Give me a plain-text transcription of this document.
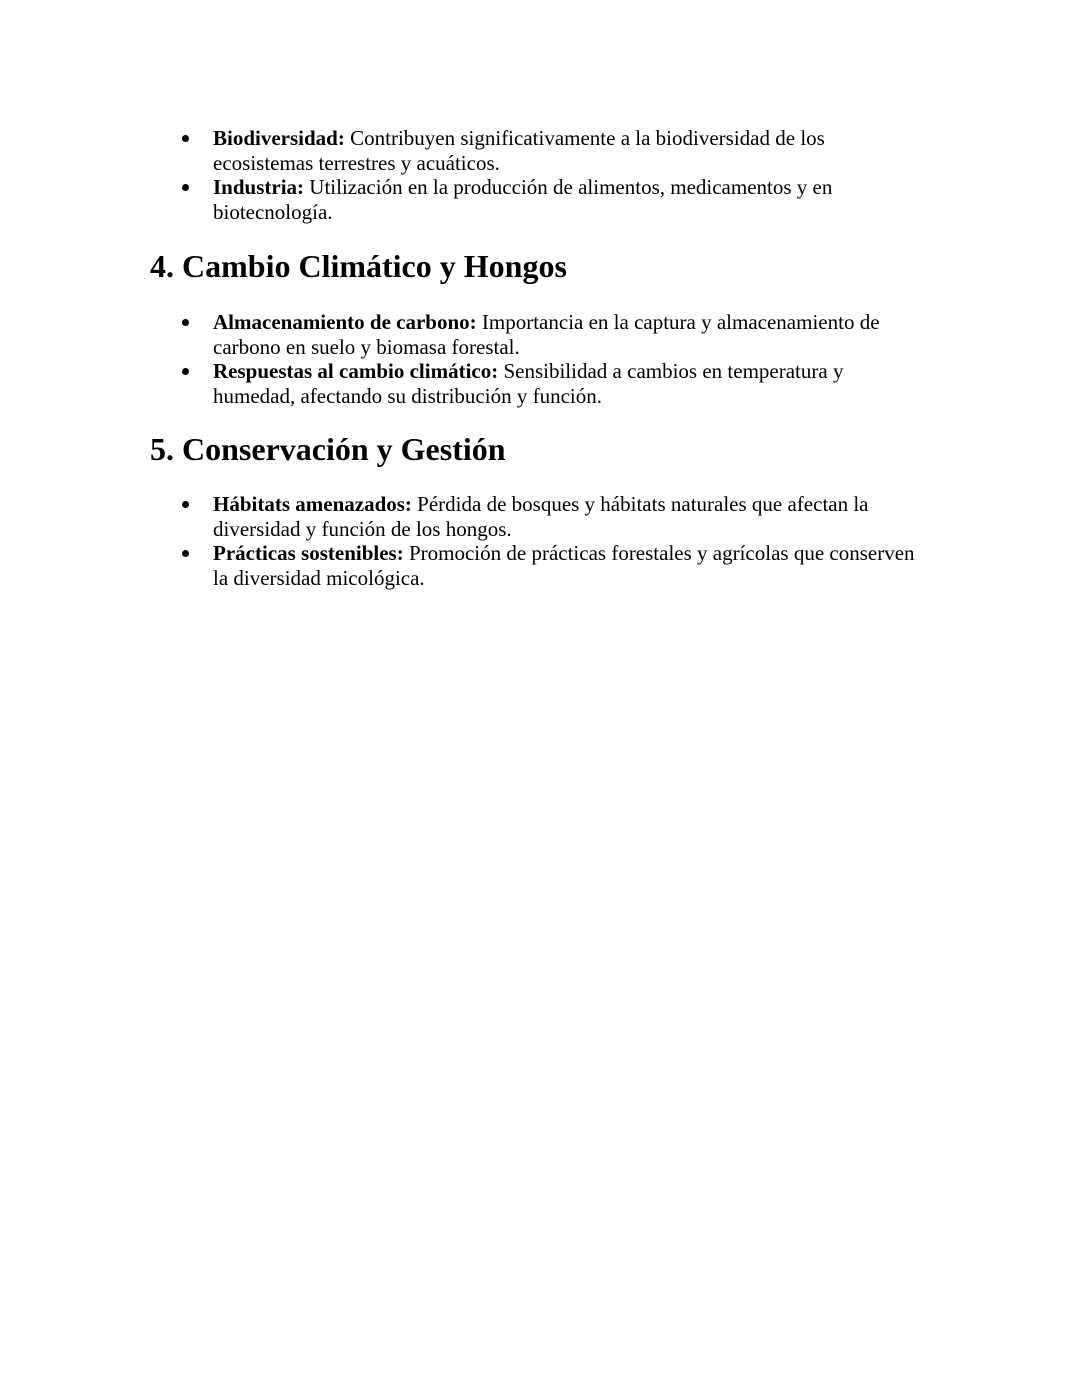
Biodiversidad: Contribuyen significativamente a la biodiversidad de los ecosistemas terrestres y acuáticos.
Industria: Utilización en la producción de alimentos, medicamentos y en biotecnología.
4. Cambio Climático y Hongos
Almacenamiento de carbono: Importancia en la captura y almacenamiento de carbono en suelo y biomasa forestal.
Respuestas al cambio climático: Sensibilidad a cambios en temperatura y humedad, afectando su distribución y función.
5. Conservación y Gestión
Hábitats amenazados: Pérdida de bosques y hábitats naturales que afectan la diversidad y función de los hongos.
Prácticas sostenibles: Promoción de prácticas forestales y agrícolas que conserven la diversidad micológica.
